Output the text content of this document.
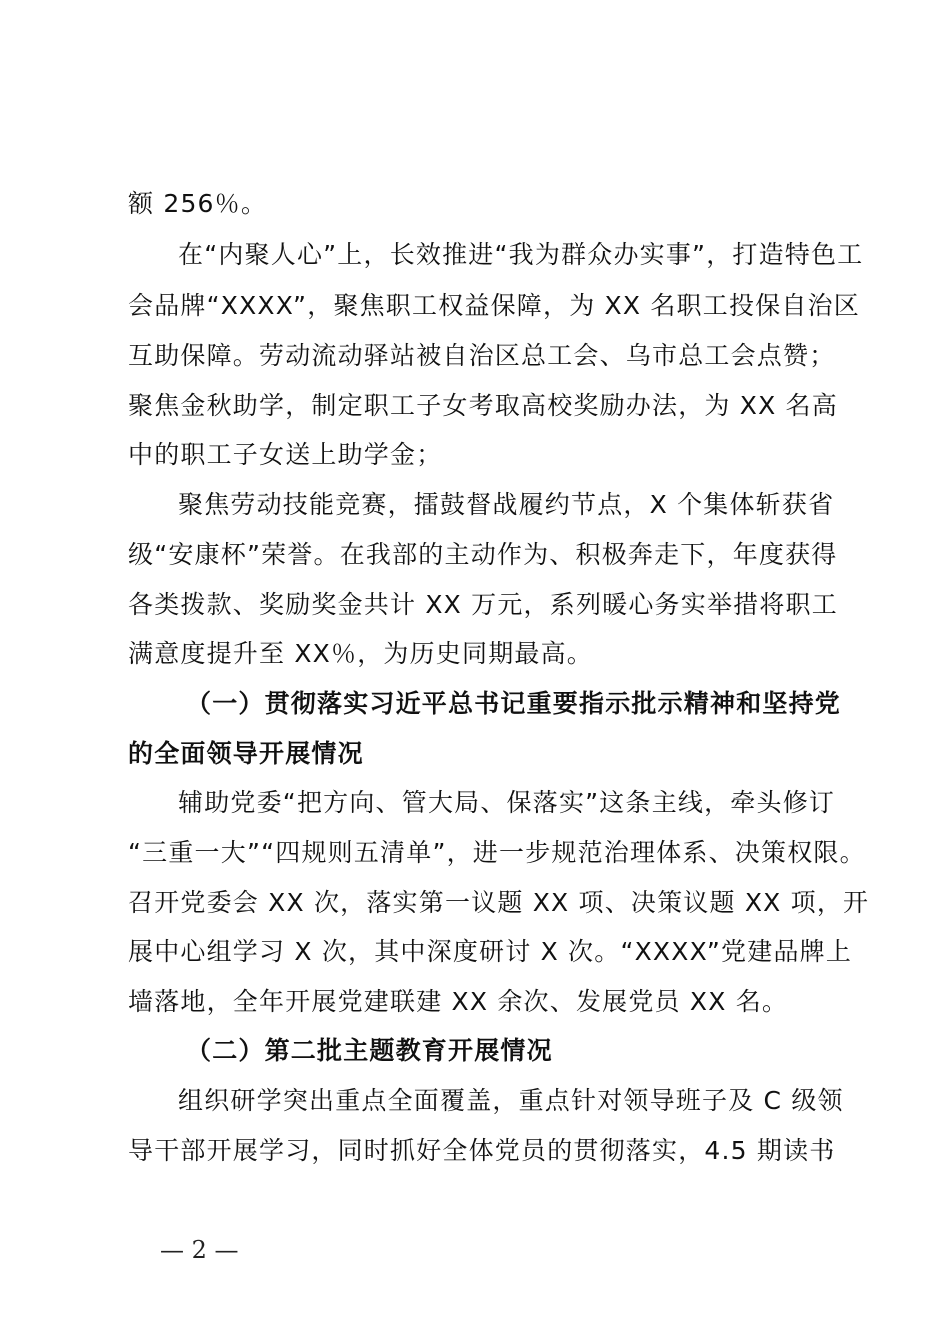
额 256％。
在“内聚人心”上，长效推进“我为群众办实事”，打造特色工
会品牌“XXXX”，聚焦职工权益保障，为 XX 名职工投保自治区
互助保障。劳动流动驿站被自治区总工会、乌市总工会点赞；
聚焦金秋助学，制定职工子女考取高校奖励办法，为 XX 名高
中的职工子女送上助学金；
聚焦劳动技能竞赛，擂鼓督战履约节点，X 个集体斩获省
级“安康杯”荣誉。在我部的主动作为、积极奔走下，年度获得
各类拨款、奖励奖金共计 XX 万元，系列暖心务实举措将职工
满意度提升至 XX％，为历史同期最高。
（一）贯彻落实习近平总书记重要指示批示精神和坚持党
的全面领导开展情况
辅助党委“把方向、管大局、保落实”这条主线，牵头修订
“三重一大”“四规则五清单”，进一步规范治理体系、决策权限。
召开党委会 XX 次，落实第一议题 XX 项、决策议题 XX 项，开
展中心组学习 X 次，其中深度研讨 X 次。“XXXX”党建品牌上
墙落地，全年开展党建联建 XX 余次、发展党员 XX 名。
（二）第二批主题教育开展情况
组织研学突出重点全面覆盖，重点针对领导班子及 C 级领
导干部开展学习，同时抓好全体党员的贯彻落实，4.5 期读书
— 2 —
